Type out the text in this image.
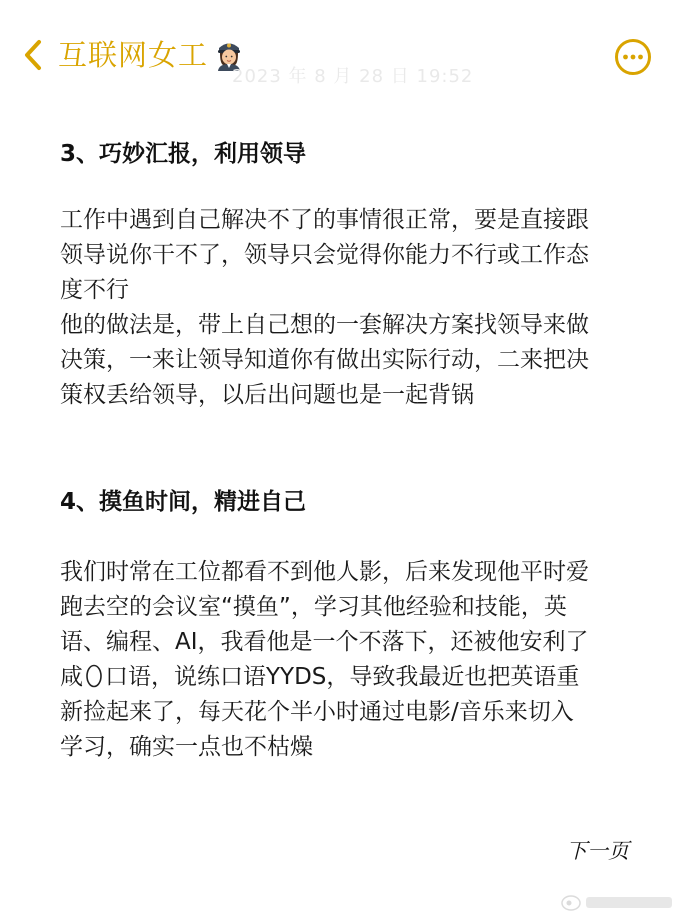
互联网女工
2023 年 8 月 28 日 19:52
3、巧妙汇报，利用领导
工作中遇到自己解决不了的事情很正常，要是直接跟
领导说你干不了，领导只会觉得你能力不行或工作态
度不行
他的做法是，带上自己想的一套解决方案找领导来做
决策，一来让领导知道你有做出实际行动，二来把决
策权丢给领导，以后出问题也是一起背锅
4、摸鱼时间，精进自己
我们时常在工位都看不到他人影，后来发现他平时爱
跑去空的会议室“摸鱼”，学习其他经验和技能，英
语、编程、AI，我看他是一个不落下，还被他安利了
咸 口语，说练口语YYDS，导致我最近也把英语重
新捡起来了，每天花个半小时通过电影/音乐来切入
学习，确实一点也不枯燥
下一页
